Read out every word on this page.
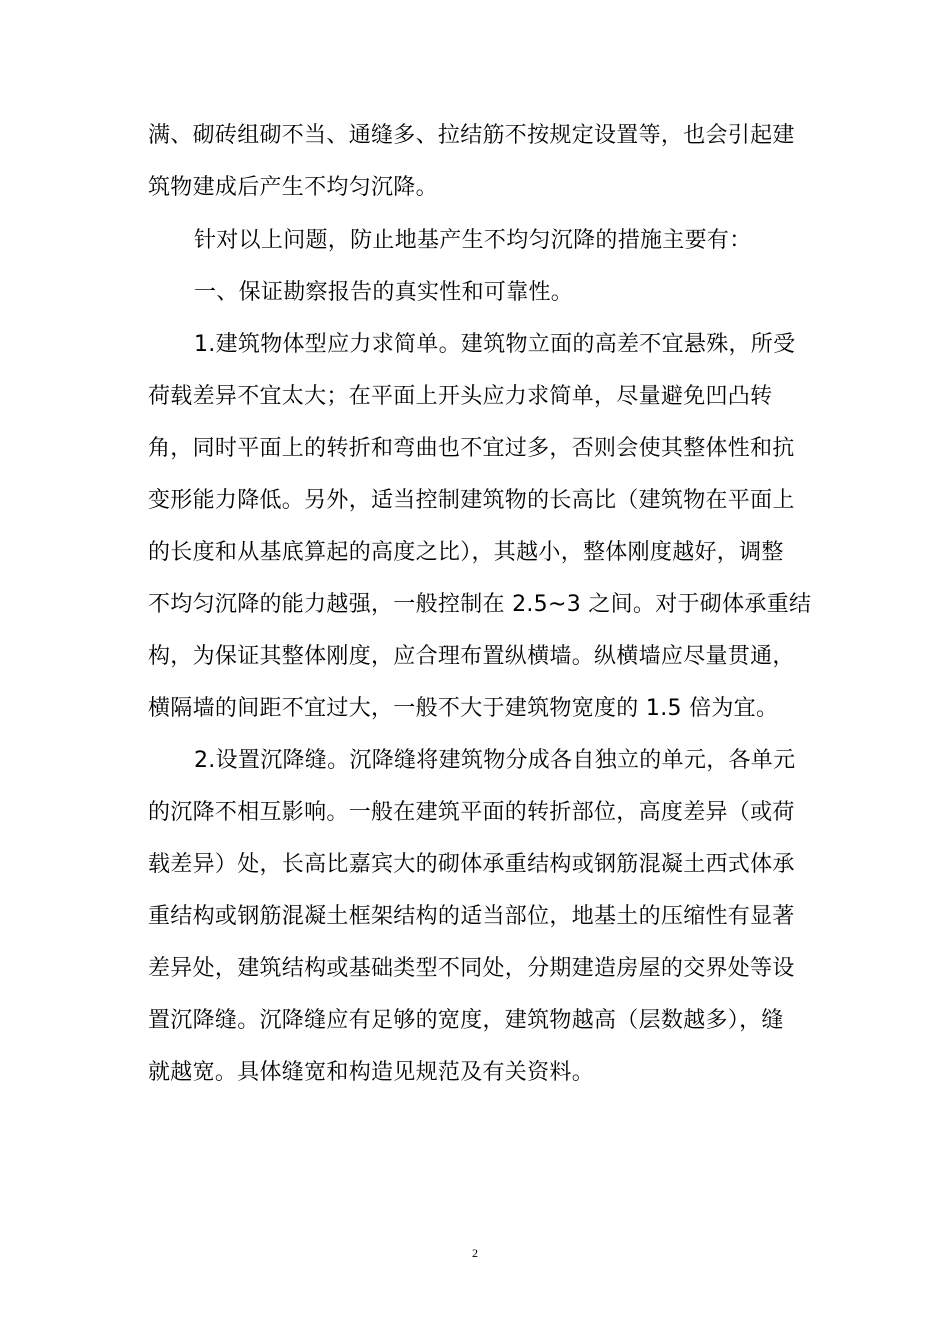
满、砌砖组砌不当、通缝多、拉结筋不按规定设置等，也会引起建
筑物建成后产生不均匀沉降。
针对以上问题，防止地基产生不均匀沉降的措施主要有：
一、保证勘察报告的真实性和可靠性。
1.建筑物体型应力求简单。建筑物立面的高差不宜悬殊，所受
荷载差异不宜太大；在平面上开头应力求简单，尽量避免凹凸转
角，同时平面上的转折和弯曲也不宜过多，否则会使其整体性和抗
变形能力降低。另外，适当控制建筑物的长高比（建筑物在平面上
的长度和从基底算起的高度之比），其越小，整体刚度越好，调整
不均匀沉降的能力越强，一般控制在 2.5~3 之间。对于砌体承重结
构，为保证其整体刚度，应合理布置纵横墙。纵横墙应尽量贯通，
横隔墙的间距不宜过大，一般不大于建筑物宽度的 1.5 倍为宜。
2.设置沉降缝。沉降缝将建筑物分成各自独立的单元，各单元
的沉降不相互影响。一般在建筑平面的转折部位，高度差异（或荷
载差异）处，长高比嘉宾大的砌体承重结构或钢筋混凝土西式体承
重结构或钢筋混凝土框架结构的适当部位，地基土的压缩性有显著
差异处，建筑结构或基础类型不同处，分期建造房屋的交界处等设
置沉降缝。沉降缝应有足够的宽度，建筑物越高（层数越多），缝
就越宽。具体缝宽和构造见规范及有关资料。
2
